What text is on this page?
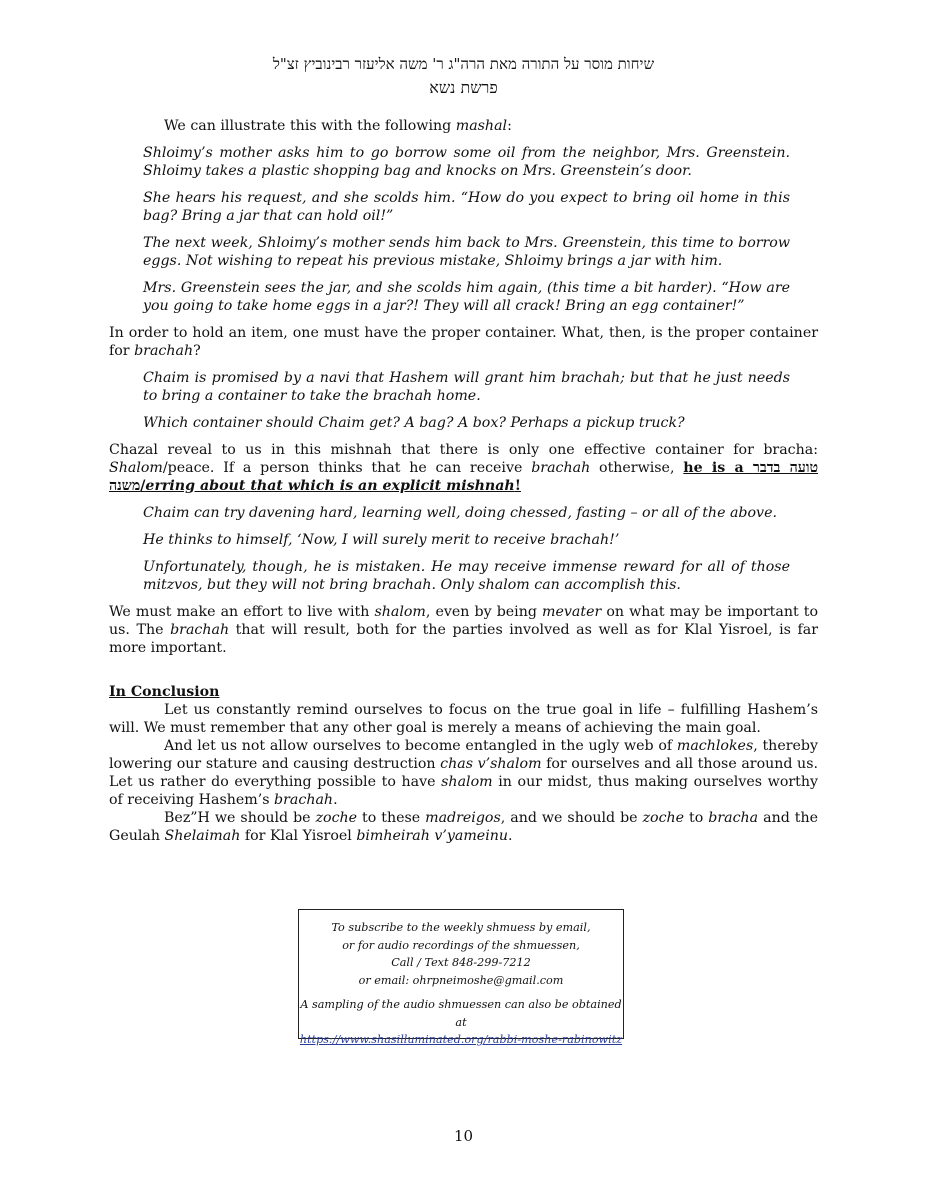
שיחות מוסר על התורה מאת הרה"ג ר' משה אליעזר רבינוביץ זצ"ל
פרשת נשא

We can illustrate this with the following mashal:

Shloimy’s mother asks him to go borrow some oil from the neighbor, Mrs. Greenstein. Shloimy takes a plastic shopping bag and knocks on Mrs. Greenstein’s door.

She hears his request, and she scolds him. “How do you expect to bring oil home in this bag? Bring a jar that can hold oil!”

The next week, Shloimy’s mother sends him back to Mrs. Greenstein, this time to borrow eggs. Not wishing to repeat his previous mistake, Shloimy brings a jar with him.

Mrs. Greenstein sees the jar, and she scolds him again, (this time a bit harder). “How are you going to take home eggs in a jar?! They will all crack! Bring an egg container!”

In order to hold an item, one must have the proper container. What, then, is the proper container for brachah?

Chaim is promised by a navi that Hashem will grant him brachah; but that he just needs to bring a container to take the brachah home.

Which container should Chaim get? A bag? A box? Perhaps a pickup truck?

Chazal reveal to us in this mishnah that there is only one effective container for bracha: Shalom/peace. If a person thinks that he can receive brachah otherwise, he is a טועה בדבר משנה/erring about that which is an explicit mishnah!

Chaim can try davening hard, learning well, doing chessed, fasting – or all of the above.

He thinks to himself, ‘Now, I will surely merit to receive brachah!’

Unfortunately, though, he is mistaken. He may receive immense reward for all of those mitzvos, but they will not bring brachah. Only shalom can accomplish this.

We must make an effort to live with shalom, even by being mevater on what may be important to us. The brachah that will result, both for the parties involved as well as for Klal Yisroel, is far more important.

In Conclusion

Let us constantly remind ourselves to focus on the true goal in life – fulfilling Hashem’s will. We must remember that any other goal is merely a means of achieving the main goal.

And let us not allow ourselves to become entangled in the ugly web of machlokes, thereby lowering our stature and causing destruction chas v’shalom for ourselves and all those around us. Let us rather do everything possible to have shalom in our midst, thus making ourselves worthy of receiving Hashem’s brachah.

Bez”H we should be zoche to these madreigos, and we should be zoche to bracha and the Geulah Shelaimah for Klal Yisroel bimheirah v’yameinu.

To subscribe to the weekly shmuess by email,
or for audio recordings of the shmuessen,
Call / Text 848-299-7212
or email: ohrpneimoshe@gmail.com
A sampling of the audio shmuessen can also be obtained at
https://www.shasilluminated.org/rabbi-moshe-rabinowitz
10
